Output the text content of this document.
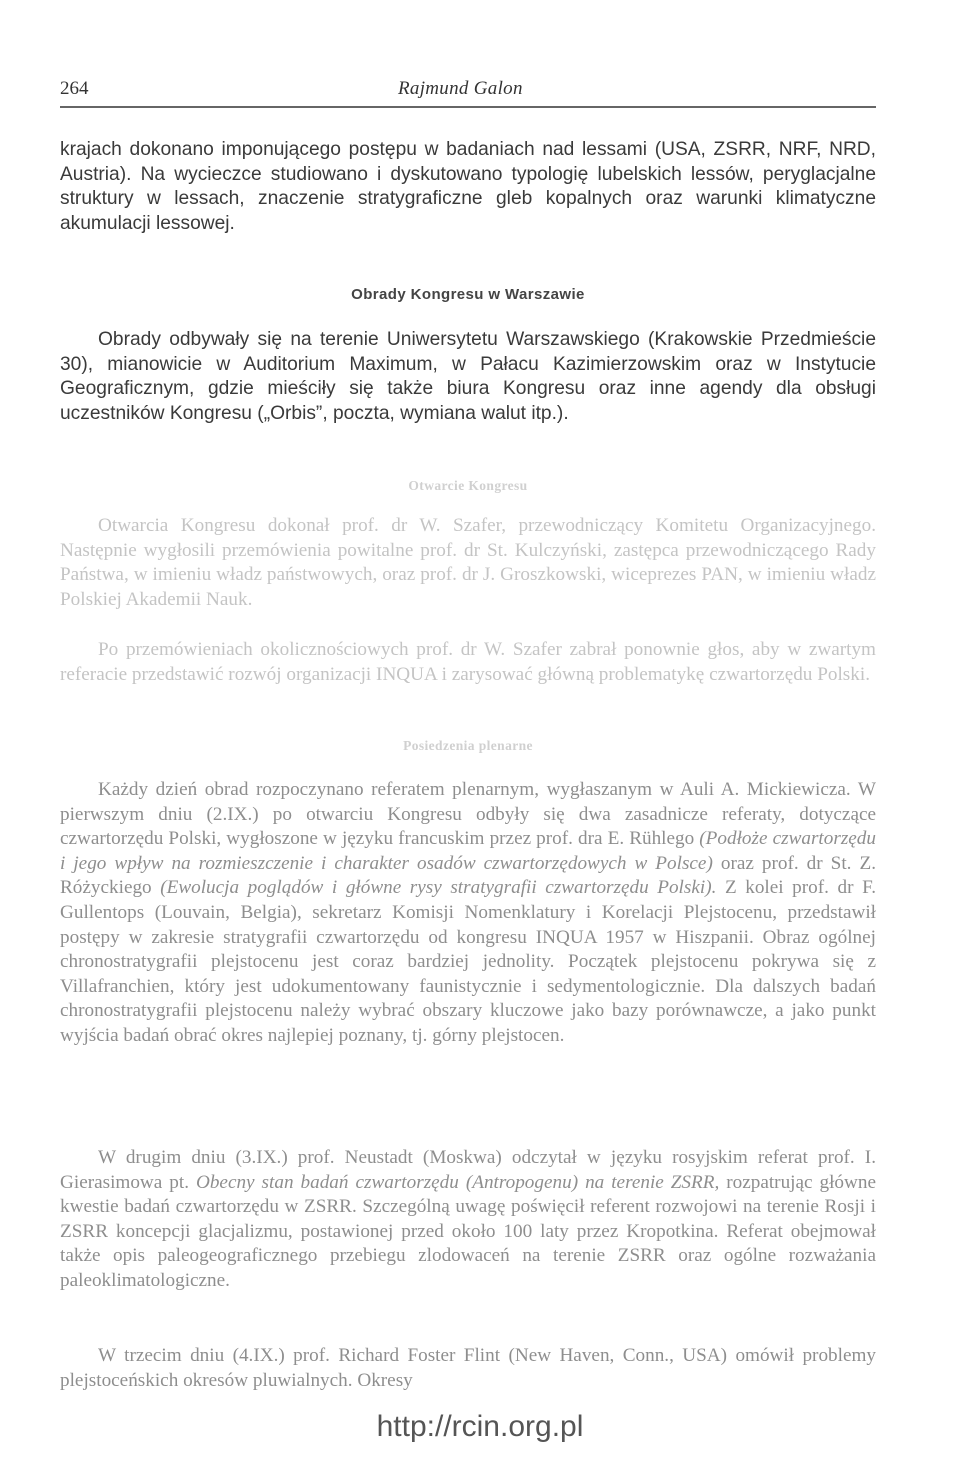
264	Rajmund Galon

krajach dokonano imponującego postępu w badaniach nad lessami (USA, ZSRR, NRF, NRD, Austria). Na wycieczce studiowano i dyskutowano typologię lubelskich lessów, peryglacjalne struktury w lessach, znaczenie stratygraficzne gleb kopalnych oraz warunki klimatyczne akumulacji lessowej.

Obrady Kongresu w Warszawie

Obrady odbywały się na terenie Uniwersytetu Warszawskiego (Krakowskie Przedmieście 30), mianowicie w Auditorium Maximum, w Pałacu Kazimierzowskim oraz w Instytucie Geograficznym, gdzie mieściły się także biura Kongresu oraz inne agendy dla obsługi uczestników Kongresu („Orbis”, poczta, wymiana walut itp.).

Otwarcie Kongresu

Otwarcia Kongresu dokonał prof. dr W. Szafer, przewodniczący Komitetu Organizacyjnego. Następnie wygłosili przemówienia powitalne prof. dr St. Kulczyński, zastępca przewodniczącego Rady Państwa, w imieniu władz państwowych, oraz prof. dr J. Groszkowski, wiceprezes PAN, w imieniu władz Polskiej Akademii Nauk.

Po przemówieniach okolicznościowych prof. dr W. Szafer zabrał ponownie głos, aby w zwartym referacie przedstawić rozwój organizacji INQUA i zarysować główną problematykę czwartorzędu Polski.

Posiedzenia plenarne

Każdy dzień obrad rozpoczynano referatem plenarnym, wygłaszanym w Auli A. Mickiewicza. W pierwszym dniu (2.IX.) po otwarciu Kongresu odbyły się dwa zasadnicze referaty, dotyczące czwartorzędu Polski, wygłoszone w języku francuskim przez prof. dra E. Rühlego (Podłoże czwartorzędu i jego wpływ na rozmieszczenie i charakter osadów czwartorzędowych w Polsce) oraz prof. dr St. Z. Różyckiego (Ewolucja poglądów i główne rysy stratygrafii czwartorzędu Polski). Z kolei prof. dr F. Gullentops (Louvain, Belgia), sekretarz Komisji Nomenklatury i Korelacji Plejstocenu, przedstawił postępy w zakresie stratygrafii czwartorzędu od kongresu INQUA 1957 w Hiszpanii. Obraz ogólnej chronostratygrafii plejstocenu jest coraz bardziej jednolity. Początek plejstocenu pokrywa się z Villafranchien, który jest udokumentowany faunistycznie i sedymentologicznie. Dla dalszych badań chronostratygrafii plejstocenu należy wybrać obszary kluczowe jako bazy porównawcze, a jako punkt wyjścia badań obrać okres najlepiej poznany, tj. górny plejstocen.

W drugim dniu (3.IX.) prof. Neustadt (Moskwa) odczytał w języku rosyjskim referat prof. I. Gierasimowa pt. Obecny stan badań czwartorzędu (Antropogenu) na terenie ZSRR, rozpatrując główne kwestie badań czwartorzędu w ZSRR. Szczególną uwagę poświęcił referent rozwojowi na terenie Rosji i ZSRR koncepcji glacjalizmu, postawionej przed około 100 laty przez Kropotkina. Referat obejmował także opis paleogeograficznego przebiegu zlodowaceń na terenie ZSRR oraz ogólne rozważania paleoklimatologiczne.

W trzecim dniu (4.IX.) prof. Richard Foster Flint (New Haven, Conn., USA) omówił problemy plejstoceńskich okresów pluwialnych. Okresy

http://rcin.org.pl
